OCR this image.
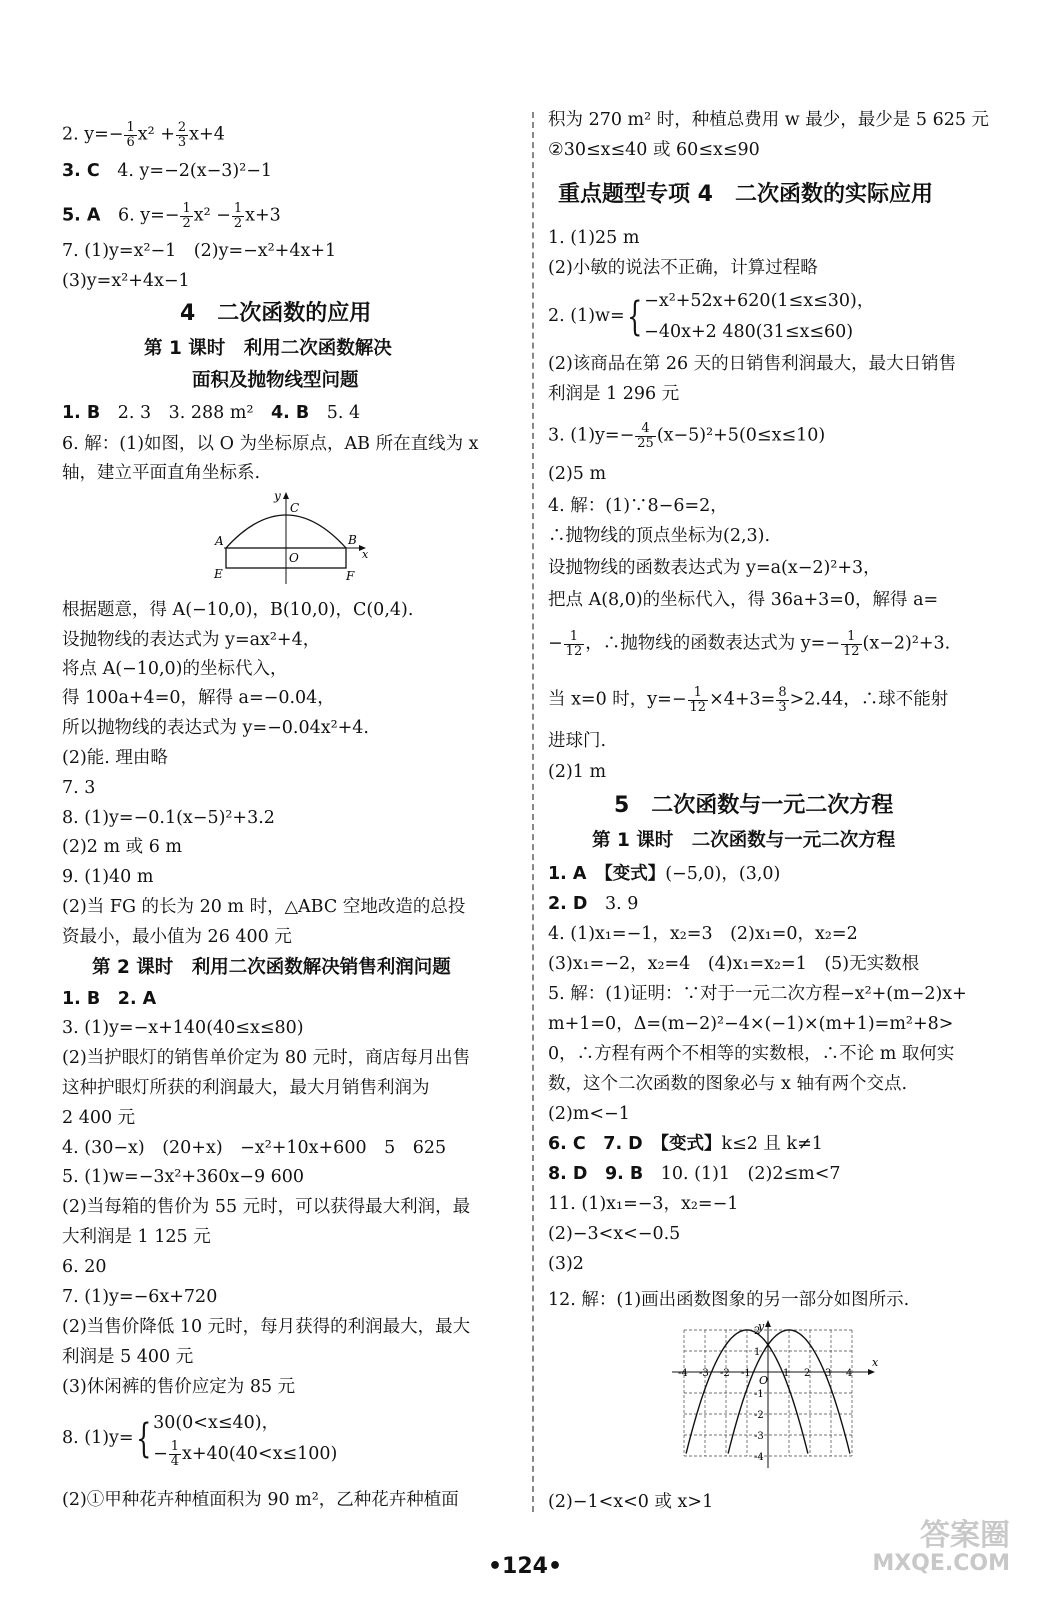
2. $y=- \frac{1}{6} x^2 + \frac{2}{3} x+4$
3. C　 4. y=−2(x−3)²−1
5. A　 6. $y=- \frac{1}{2} x^2 - \frac{1}{2} x+3$
7. (1)y=x²−1　(2)y=−x²+4x+1
(3)y=x²+4x−1
4　二次函数的应用
第 1 课时　利用二次函数解决
面积及抛物线型问题
1. B　 2. 3　3. 288 m²　 4. B　 5. 4
6. 解：(1)如图，以 O 为坐标原点，AB 所在直线为 x
轴，建立平面直角坐标系.
y
C
A	B
O	x
E	F
根据题意，得 A(−10,0)，B(10,0)，C(0,4).
设抛物线的表达式为 y=ax²+4，
将点 A(−10,0)的坐标代入，
得 100a+4=0，解得 a=−0.04，
所以抛物线的表达式为 y=−0.04x²+4.
(2)能. 理由略
7. 3
8. (1)y=−0.1(x−5)²+3.2
(2)2 m 或 6 m
9. (1)40 m
(2)当 FG 的长为 20 m 时，△ABC 空地改造的总投
资最小，最小值为 26 400 元
第 2 课时　利用二次函数解决销售利润问题
1. B　 2. A
3. (1)y=−x+140(40≤x≤80)
(2)当护眼灯的销售单价定为 80 元时，商店每月出售
这种护眼灯所获的利润最大，最大月销售利润为
2 400 元
4. (30−x)　(20+x)　−x²+10x+600　5　625
5. (1)w=−3x²+360x−9 600
(2)当每箱的售价为 55 元时，可以获得最大利润，最
大利润是 1 125 元
6. 20
7. (1)y=−6x+720
(2)当售价降低 10 元时，每月获得的利润最大，最大
利润是 5 400 元
(3)休闲裤的售价应定为 85 元
8. (1)y={ 30(0<x≤40)，
− $\frac{1}{4} x+40(40<x\le 100)$
(2)①甲种花卉种植面积为 90 m²，乙种花卉种植面
积为 270 m² 时，种植总费用 w 最少，最少是 5 625 元
②30≤x≤40 或 60≤x≤90
重点题型专项 4　二次函数的实际应用
1. (1)25 m
(2)小敏的说法不正确，计算过程略
2. (1)w={ −x²+52x+620(1≤x≤30)，
−40x+2 480(31≤x≤60)
(2)该商品在第 26 天的日销售利润最大，最大日销售
利润是 1 296 元
3. $(1)y=- \frac{4}{25} (x-5)^2+5(0\le x\le 10)$
(2)5 m
4. 解：(1)∵8−6=2，
∴抛物线的顶点坐标为(2,3).
设抛物线的函数表达式为 y=a(x−2)²+3，
把点 A(8,0)的坐标代入，得 36a+3=0，解得 a=
− $\frac{1}{12}$ ，∴抛物线的函数表达式为 $y=- \frac{1}{12} (x-2)^2+3$.
当 x=0 时，$y=- \frac{1}{12} \times 4+3= \frac{8}{3} >2.44$，∴球不能射
进球门.
(2)1 m
5　二次函数与一元二次方程
第 1 课时　二次函数与一元二次方程
1. A　 【变式】(−5,0)，(3,0)
2. D　 3. 9
4. (1)x₁=−1，x₂=3　(2)x₁=0，x₂=2
(3)x₁=−2，x₂=4　(4)x₁=x₂=1　(5)无实数根
5. 解：(1)证明：∵对于一元二次方程−x²+(m−2)x+
m+1=0，Δ=(m−2)²−4×(−1)×(m+1)=m²+8>
0，∴方程有两个不相等的实数根，∴不论 m 取何实
数，这个二次函数的图象必与 x 轴有两个交点.
(2)m<−1
6. C　 7. D　 【变式】k≤2 且 k≠1
8. D　 9. B　 10. (1)1　(2)2≤m<7
11. (1)x₁=−3，x₂=−1
(2)−3<x<−0.5
(3)2
12. 解：(1)画出函数图象的另一部分如图所示.
y
x
O
-4 -3 -2 -1	1 2 3 4
2
1
-1
-2
-3
-4
(2)−1<x<0 或 x>1
•124•
答案圈
MXQE.COM
